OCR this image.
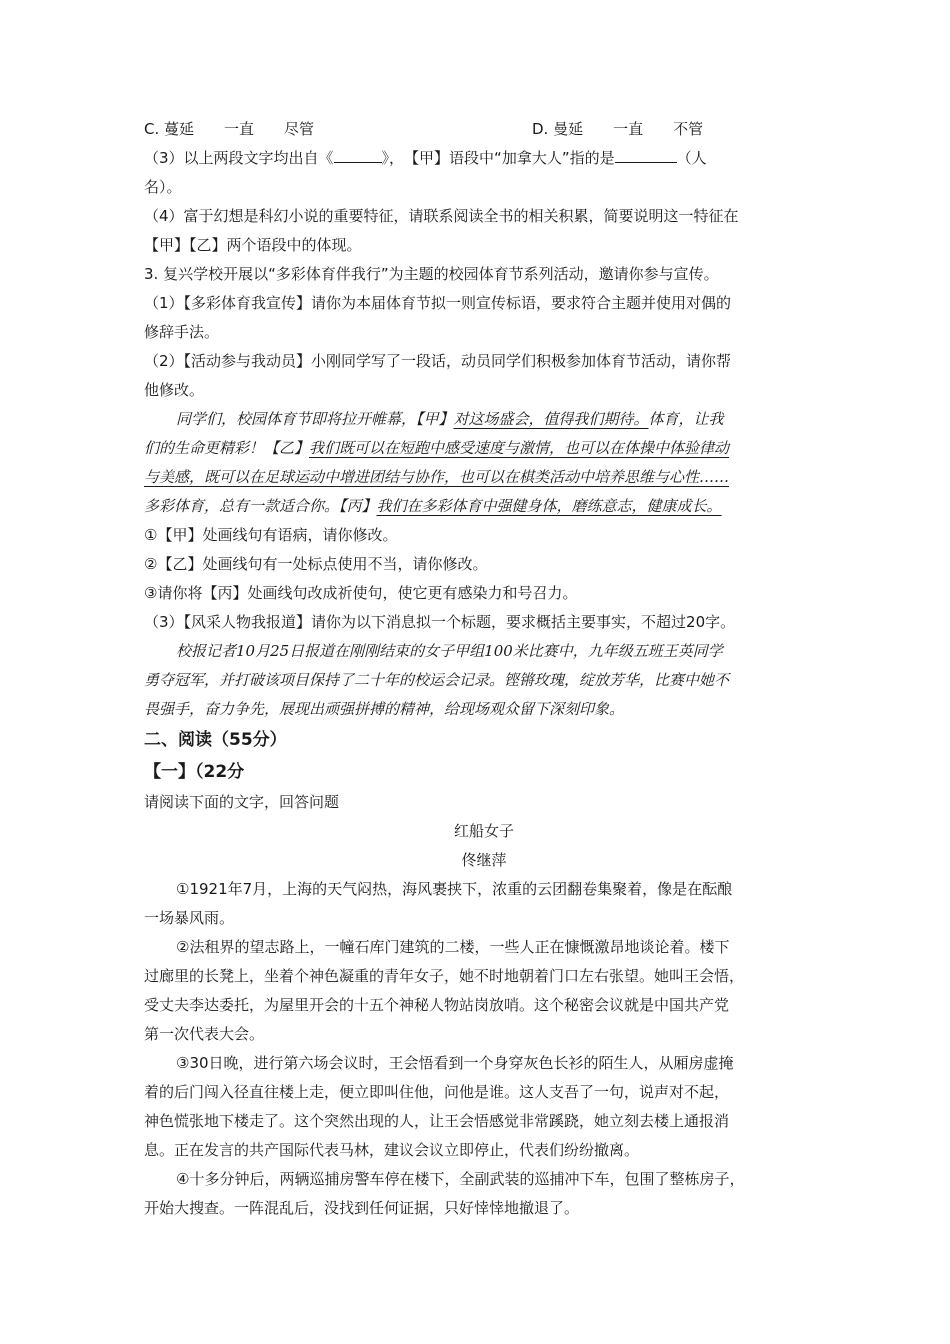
C. 蔓延　　一直　　尽管	D. 曼延　　一直　　不管
（3）以上两段文字均出自《	》，　【甲】语段中“加拿大人”指的是	（人
名）。
（4）富于幻想是科幻小说的重要特征，请联系阅读全书的相关积累，简要说明这一特征在
【甲】【乙】两个语段中的体现。
3. 复兴学校开展以“多彩体育伴我行”为主题的校园体育节系列活动，邀请你参与宣传。
（1）【多彩体育我宣传】请你为本届体育节拟一则宣传标语，要求符合主题并使用对偶的
修辞手法。
（2）【活动参与我动员】小刚同学写了一段话，动员同学们积极参加体育节活动，请你帮
他修改。
同学们，校园体育节即将拉开帷幕，【甲】对这场盛会，值得我们期待。体育，让我
们的生命更精彩！【乙】我们既可以在短跑中感受速度与激情，也可以在体操中体验律动
与美感，既可以在足球运动中增进团结与协作，也可以在棋类活动中培养思维与心性……
多彩体育，总有一款适合你。【丙】我们在多彩体育中强健身体，磨练意志，健康成长。
①【甲】处画线句有语病，请你修改。
②【乙】处画线句有一处标点使用不当，请你修改。
③请你将【丙】处画线句改成祈使句，使它更有感染力和号召力。
（3）【风采人物我报道】请你为以下消息拟一个标题，要求概括主要事实，不超过20字。
校报记者10月25日报道在刚刚结束的女子甲组100米比赛中，九年级五班王英同学
勇夺冠军，并打破该项目保持了二十年的校运会记录。铿锵玫瑰，绽放芳华，比赛中她不
畏强手，奋力争先，展现出顽强拼搏的精神，给现场观众留下深刻印象。
二、阅读（55分）
【一】（22分
请阅读下面的文字，回答问题
红船女子
佟继萍
①1921年7月，上海的天气闷热，海风裹挟下，浓重的云团翻卷集聚着，像是在酝酿
一场暴风雨。
②法租界的望志路上，一幢石库门建筑的二楼，一些人正在慷慨激昂地谈论着。楼下
过廊里的长凳上，坐着个神色凝重的青年女子，她不时地朝着门口左右张望。她叫王会悟，
受丈夫李达委托，为屋里开会的十五个神秘人物站岗放哨。这个秘密会议就是中国共产党
第一次代表大会。
③30日晚，进行第六场会议时，王会悟看到一个身穿灰色长衫的陌生人，从厢房虚掩
着的后门闯入径直往楼上走，便立即叫住他，问他是谁。这人支吾了一句，说声对不起，
神色慌张地下楼走了。这个突然出现的人，让王会悟感觉非常蹊跷，她立刻去楼上通报消
息。正在发言的共产国际代表马林，建议会议立即停止，代表们纷纷撤离。
④十多分钟后，两辆巡捕房警车停在楼下，全副武装的巡捕冲下车，包围了整栋房子，
开始大搜查。一阵混乱后，没找到任何证据，只好悻悻地撤退了。
